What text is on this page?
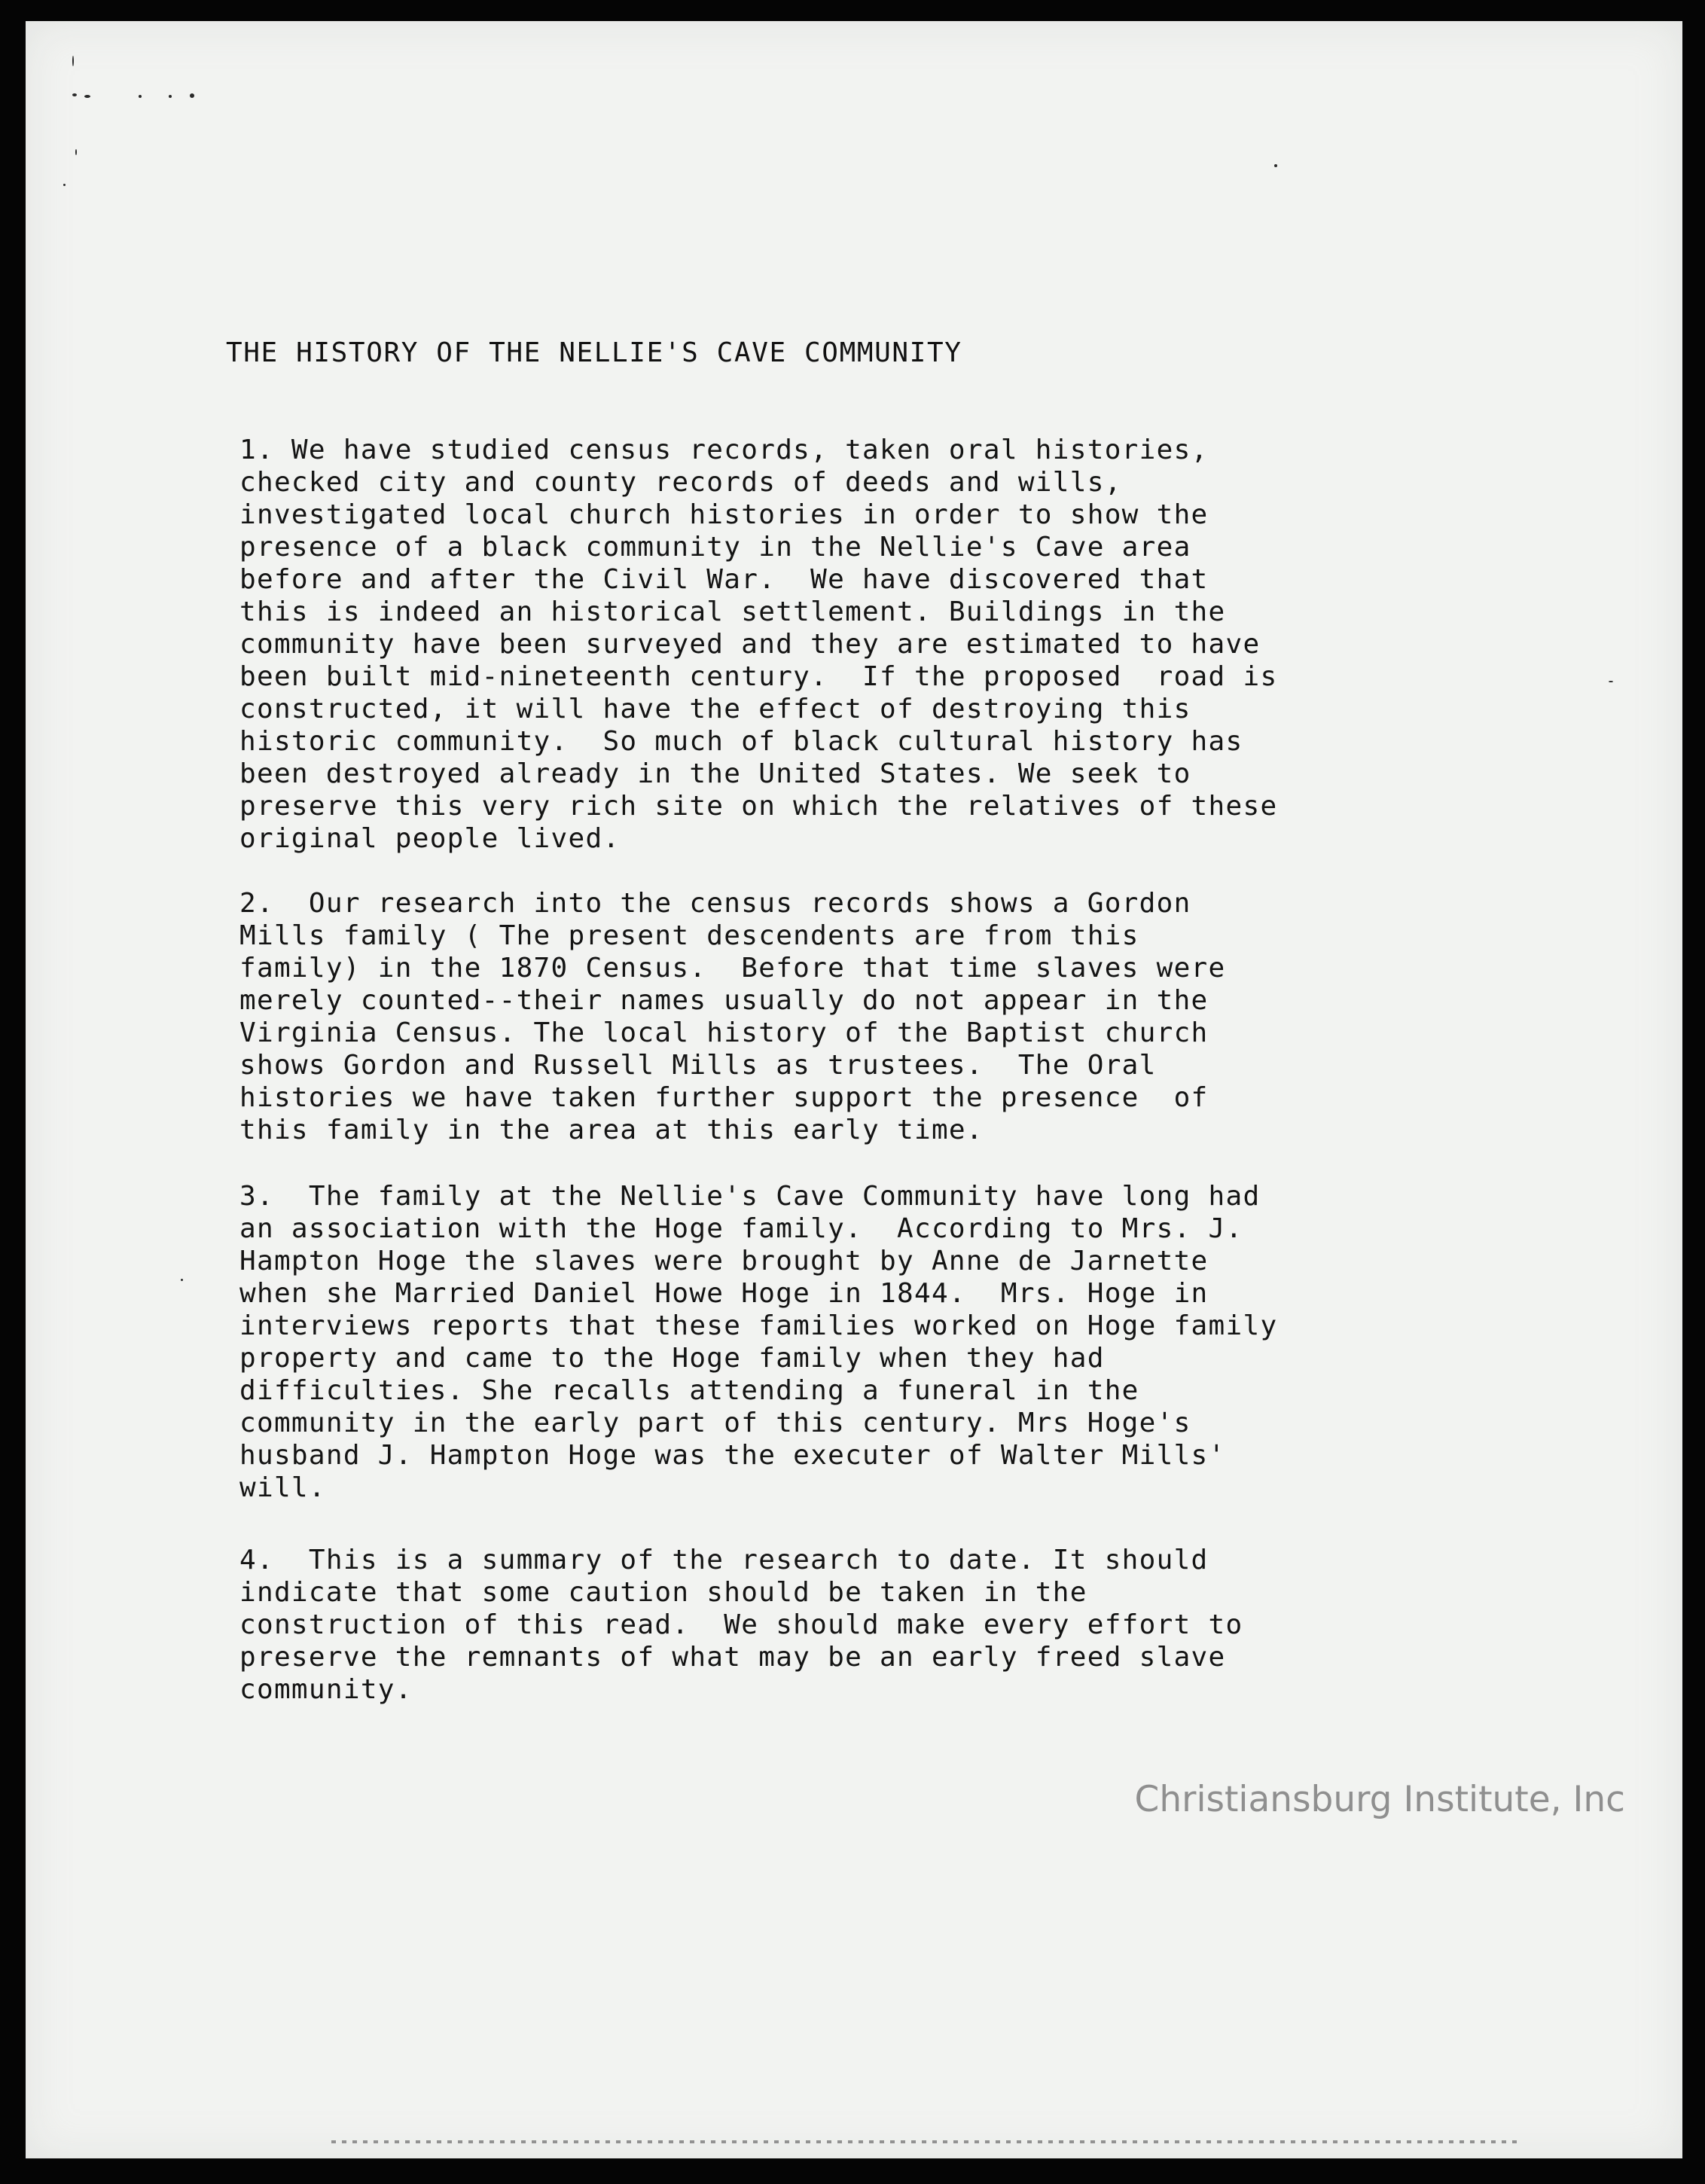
THE HISTORY OF THE NELLIE'S CAVE COMMUNITY
1. We have studied census records, taken oral histories,
checked city and county records of deeds and wills,
investigated local church histories in order to show the
presence of a black community in the Nellie's Cave area
before and after the Civil War.  We have discovered that
this is indeed an historical settlement. Buildings in the
community have been surveyed and they are estimated to have
been built mid-nineteenth century.  If the proposed  road is
constructed, it will have the effect of destroying this
historic community.  So much of black cultural history has
been destroyed already in the United States. We seek to
preserve this very rich site on which the relatives of these
original people lived.
2.  Our research into the census records shows a Gordon
Mills family ( The present descendents are from this
family) in the 1870 Census.  Before that time slaves were
merely counted--their names usually do not appear in the
Virginia Census. The local history of the Baptist church
shows Gordon and Russell Mills as trustees.  The Oral
histories we have taken further support the presence  of
this family in the area at this early time.
3.  The family at the Nellie's Cave Community have long had
an association with the Hoge family.  According to Mrs. J.
Hampton Hoge the slaves were brought by Anne de Jarnette
when she Married Daniel Howe Hoge in 1844.  Mrs. Hoge in
interviews reports that these families worked on Hoge family
property and came to the Hoge family when they had
difficulties. She recalls attending a funeral in the
community in the early part of this century. Mrs Hoge's
husband J. Hampton Hoge was the executer of Walter Mills'
will.
4.  This is a summary of the research to date. It should
indicate that some caution should be taken in the
construction of this read.  We should make every effort to
preserve the remnants of what may be an early freed slave
community.
Christiansburg Institute, Inc
